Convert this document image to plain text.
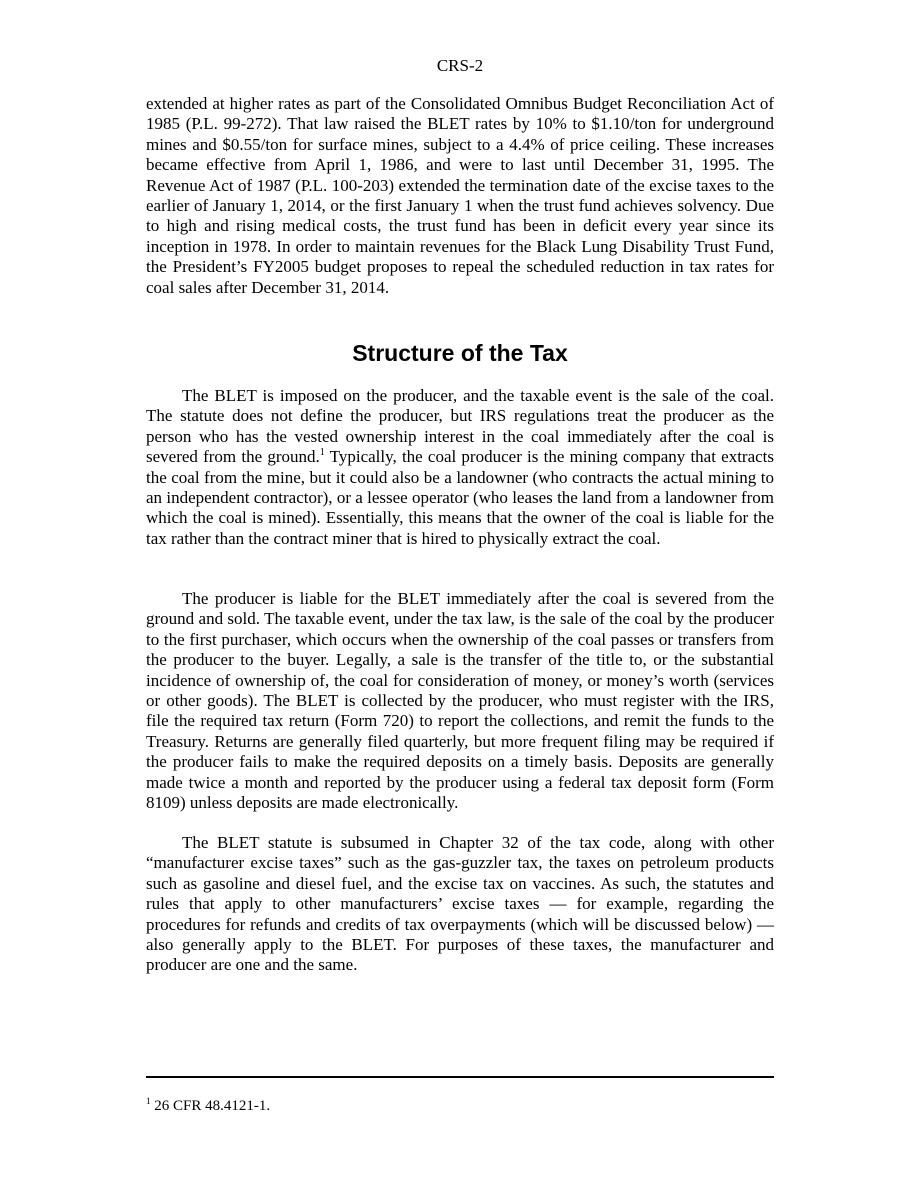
CRS-2

extended at higher rates as part of the Consolidated Omnibus Budget Reconciliation Act of 1985 (P.L. 99-272). That law raised the BLET rates by 10% to $1.10/ton for underground mines and $0.55/ton for surface mines, subject to a 4.4% of price ceiling. These increases became effective from April 1, 1986, and were to last until December 31, 1995. The Revenue Act of 1987 (P.L. 100-203) extended the termination date of the excise taxes to the earlier of January 1, 2014, or the first January 1 when the trust fund achieves solvency. Due to high and rising medical costs, the trust fund has been in deficit every year since its inception in 1978. In order to maintain revenues for the Black Lung Disability Trust Fund, the President’s FY2005 budget proposes to repeal the scheduled reduction in tax rates for coal sales after December 31, 2014.

Structure of the Tax

The BLET is imposed on the producer, and the taxable event is the sale of the coal. The statute does not define the producer, but IRS regulations treat the producer as the person who has the vested ownership interest in the coal immediately after the coal is severed from the ground.$^1$ Typically, the coal producer is the mining company that extracts the coal from the mine, but it could also be a landowner (who contracts the actual mining to an independent contractor), or a lessee operator (who leases the land from a landowner from which the coal is mined). Essentially, this means that the owner of the coal is liable for the tax rather than the contract miner that is hired to physically extract the coal.

The producer is liable for the BLET immediately after the coal is severed from the ground and sold. The taxable event, under the tax law, is the sale of the coal by the producer to the first purchaser, which occurs when the ownership of the coal passes or transfers from the producer to the buyer. Legally, a sale is the transfer of the title to, or the substantial incidence of ownership of, the coal for consideration of money, or money’s worth (services or other goods). The BLET is collected by the producer, who must register with the IRS, file the required tax return (Form 720) to report the collections, and remit the funds to the Treasury. Returns are generally filed quarterly, but more frequent filing may be required if the producer fails to make the required deposits on a timely basis. Deposits are generally made twice a month and reported by the producer using a federal tax deposit form (Form 8109) unless deposits are made electronically.

The BLET statute is subsumed in Chapter 32 of the tax code, along with other “manufacturer excise taxes” such as the gas-guzzler tax, the taxes on petroleum products such as gasoline and diesel fuel, and the excise tax on vaccines. As such, the statutes and rules that apply to other manufacturers’ excise taxes — for example, regarding the procedures for refunds and credits of tax overpayments (which will be discussed below) — also generally apply to the BLET. For purposes of these taxes, the manufacturer and producer are one and the same.

$^1$ 26 CFR 48.4121-1.
